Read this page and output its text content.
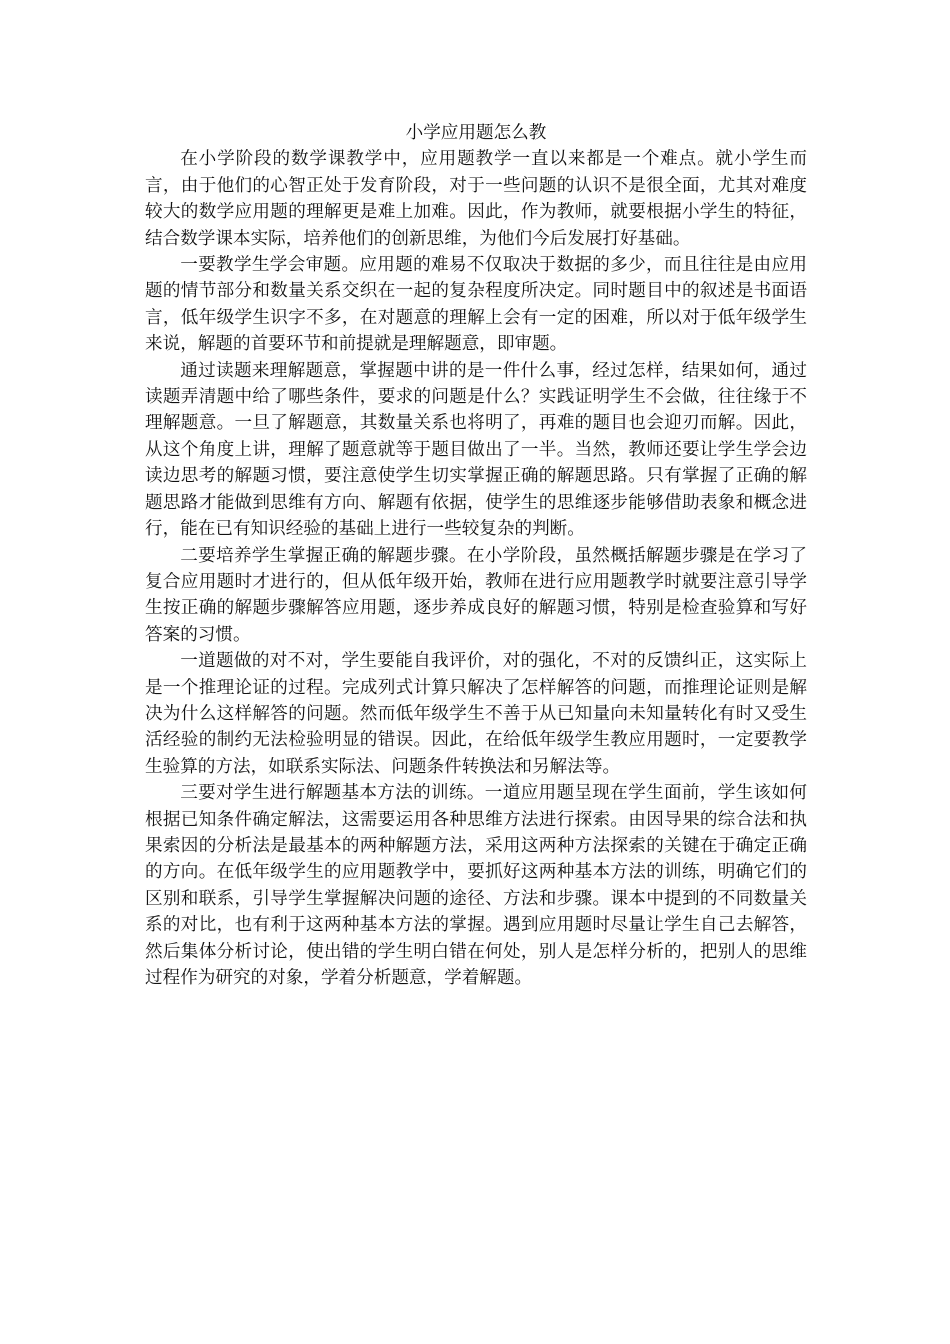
小学应用题怎么教

在小学阶段的数学课教学中，应用题教学一直以来都是一个难点。就小学生而言，由于他们的心智正处于发育阶段，对于一些问题的认识不是很全面，尤其对难度较大的数学应用题的理解更是难上加难。因此，作为教师，就要根据小学生的特征，结合数学课本实际，培养他们的创新思维，为他们今后发展打好基础。

一要教学生学会审题。应用题的难易不仅取决于数据的多少，而且往往是由应用题的情节部分和数量关系交织在一起的复杂程度所决定。同时题目中的叙述是书面语言，低年级学生识字不多，在对题意的理解上会有一定的困难，所以对于低年级学生来说，解题的首要环节和前提就是理解题意，即审题。

通过读题来理解题意，掌握题中讲的是一件什么事，经过怎样，结果如何，通过读题弄清题中给了哪些条件，要求的问题是什么？实践证明学生不会做，往往缘于不理解题意。一旦了解题意，其数量关系也将明了，再难的题目也会迎刃而解。因此，从这个角度上讲，理解了题意就等于题目做出了一半。当然，教师还要让学生学会边读边思考的解题习惯，要注意使学生切实掌握正确的解题思路。只有掌握了正确的解题思路才能做到思维有方向、解题有依据，使学生的思维逐步能够借助表象和概念进行，能在已有知识经验的基础上进行一些较复杂的判断。

二要培养学生掌握正确的解题步骤。在小学阶段，虽然概括解题步骤是在学习了复合应用题时才进行的，但从低年级开始，教师在进行应用题教学时就要注意引导学生按正确的解题步骤解答应用题，逐步养成良好的解题习惯，特别是检查验算和写好答案的习惯。

一道题做的对不对，学生要能自我评价，对的强化，不对的反馈纠正，这实际上是一个推理论证的过程。完成列式计算只解决了怎样解答的问题，而推理论证则是解决为什么这样解答的问题。然而低年级学生不善于从已知量向未知量转化有时又受生活经验的制约无法检验明显的错误。因此，在给低年级学生教应用题时，一定要教学生验算的方法，如联系实际法、问题条件转换法和另解法等。

三要对学生进行解题基本方法的训练。一道应用题呈现在学生面前，学生该如何根据已知条件确定解法，这需要运用各种思维方法进行探索。由因导果的综合法和执果索因的分析法是最基本的两种解题方法，采用这两种方法探索的关键在于确定正确的方向。在低年级学生的应用题教学中，要抓好这两种基本方法的训练，明确它们的区别和联系，引导学生掌握解决问题的途径、方法和步骤。课本中提到的不同数量关系的对比，也有利于这两种基本方法的掌握。遇到应用题时尽量让学生自己去解答，然后集体分析讨论，使出错的学生明白错在何处，别人是怎样分析的，把别人的思维过程作为研究的对象，学着分析题意，学着解题。
